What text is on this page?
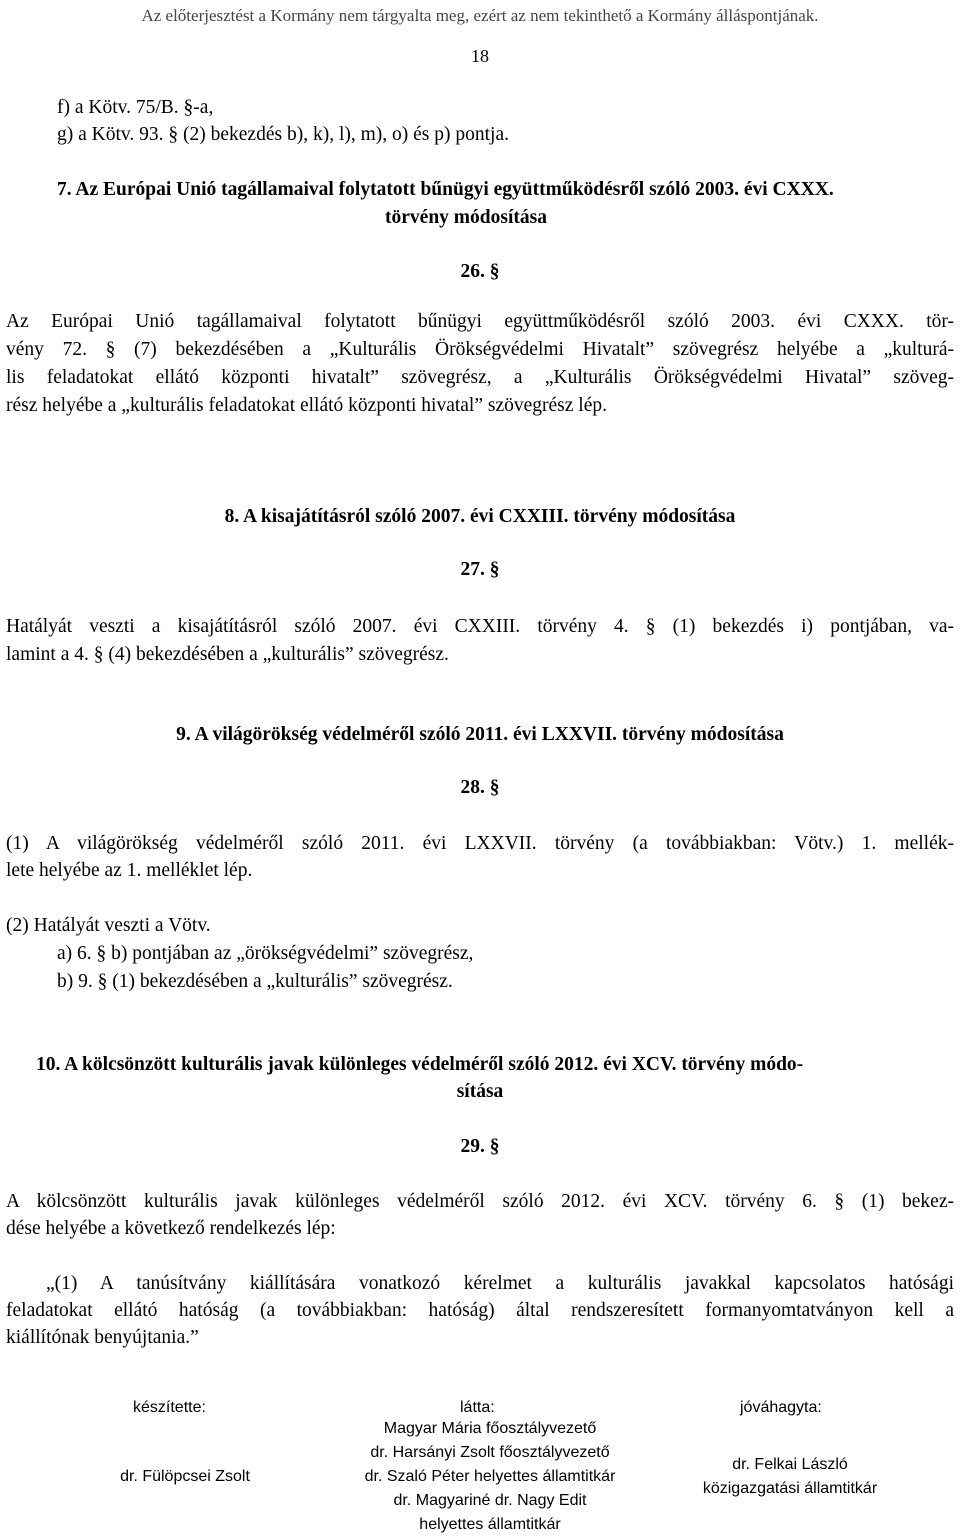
Az előterjesztést a Kormány nem tárgyalta meg, ezért az nem tekinthető a Kormány álláspontjának.
18
f) a Kötv. 75/B. §-a,
g) a Kötv. 93. § (2) bekezdés b), k), l), m), o) és p) pontja.
7. Az Európai Unió tagállamaival folytatott bűnügyi együttműködésről szóló 2003. évi CXXX.
törvény módosítása
26. §
Az Európai Unió tagállamaival folytatott bűnügyi együttműködésről szóló 2003. évi CXXX. tör-
vény 72. § (7) bekezdésében a „Kulturális Örökségvédelmi Hivatalt” szövegrész helyébe a „kulturá-
lis feladatokat ellátó központi hivatalt” szövegrész, a „Kulturális Örökségvédelmi Hivatal” szöveg-
rész helyébe a „kulturális feladatokat ellátó központi hivatal” szövegrész lép.
8. A kisajátításról szóló 2007. évi CXXIII. törvény módosítása
27. §
Hatályát veszti a kisajátításról szóló 2007. évi CXXIII. törvény 4. § (1) bekezdés i) pontjában, va-
lamint a 4. § (4) bekezdésében a „kulturális” szövegrész.
9. A világörökség védelméről szóló 2011. évi LXXVII. törvény módosítása
28. §
(1) A világörökség védelméről szóló 2011. évi LXXVII. törvény (a továbbiakban: Vötv.) 1. mellék-
lete helyébe az 1. melléklet lép.
(2) Hatályát veszti a Vötv.
a) 6. § b) pontjában az „örökségvédelmi” szövegrész,
b) 9. § (1) bekezdésében a „kulturális” szövegrész.
10. A kölcsönzött kulturális javak különleges védelméről szóló 2012. évi XCV. törvény módo-
sítása
29. §
A kölcsönzött kulturális javak különleges védelméről szóló 2012. évi XCV. törvény 6. § (1) bekez-
dése helyébe a következő rendelkezés lép:
„(1) A tanúsítvány kiállítására vonatkozó kérelmet a kulturális javakkal kapcsolatos hatósági
feladatokat ellátó hatóság (a továbbiakban: hatóság) által rendszeresített formanyomtatványon kell a
kiállítónak benyújtania.”
készítette:	látta:	jóváhagyta:
dr. Fülöpcsei Zsolt
Magyar Mária főosztályvezető
dr. Harsányi Zsolt főosztályvezető
dr. Szaló Péter helyettes államtitkár
dr. Magyariné dr. Nagy Edit
helyettes államtitkár
dr. Felkai László
közigazgatási államtitkár
